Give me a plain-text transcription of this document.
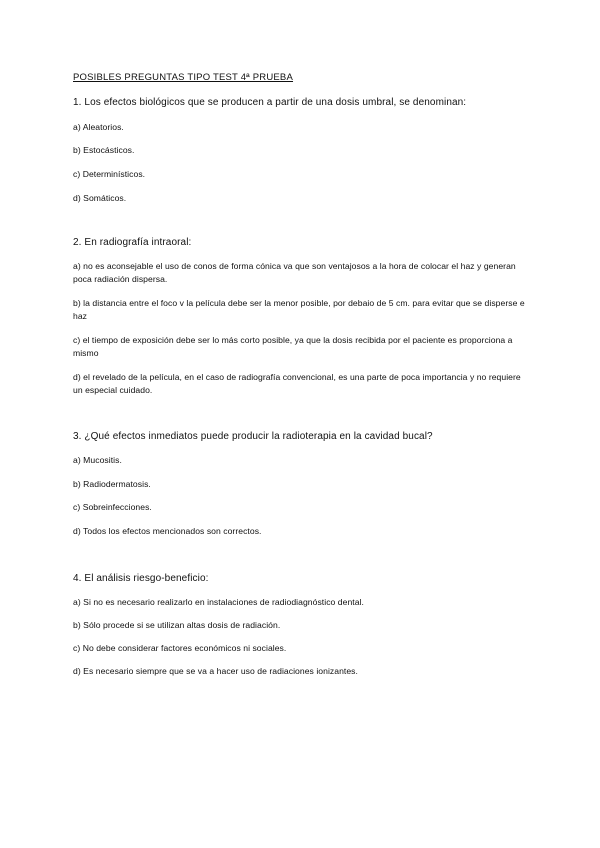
POSIBLES PREGUNTAS TIPO TEST 4ª PRUEBA
1. Los efectos biológicos que se producen a partir de una dosis umbral, se denominan:
a) Aleatorios.
b) Estocásticos.
c) Determinísticos.
d) Somáticos.
2. En radiografía intraoral:
a) no es aconsejable el uso de conos de forma cónica va que son ventajosos a la hora de colocar el haz y generan poca radiación dispersa.
b) la distancia entre el foco v la película debe ser la menor posible, por debaio de 5 cm. para evitar que se disperse e haz
c) el tiempo de exposición debe ser lo más corto posible, ya que la dosis recibida por el paciente es proporciona a mismo
d) el revelado de la película, en el caso de radiografía convencional, es una parte de poca importancia y no requiere un especial cuidado.
3. ¿Qué efectos inmediatos puede producir la radioterapia en la cavidad bucal?
a) Mucositis.
b) Radiodermatosis.
c) Sobreinfecciones.
d) Todos los efectos mencionados son correctos.
4. El análisis riesgo-beneficio:
a) Si no es necesario realizarlo en instalaciones de radiodiagnóstico dental.
b) Sólo procede si se utilizan altas dosis de radiación.
c) No debe considerar factores económicos ni sociales.
d) Es necesario siempre que se va a hacer uso de radiaciones ionizantes.
